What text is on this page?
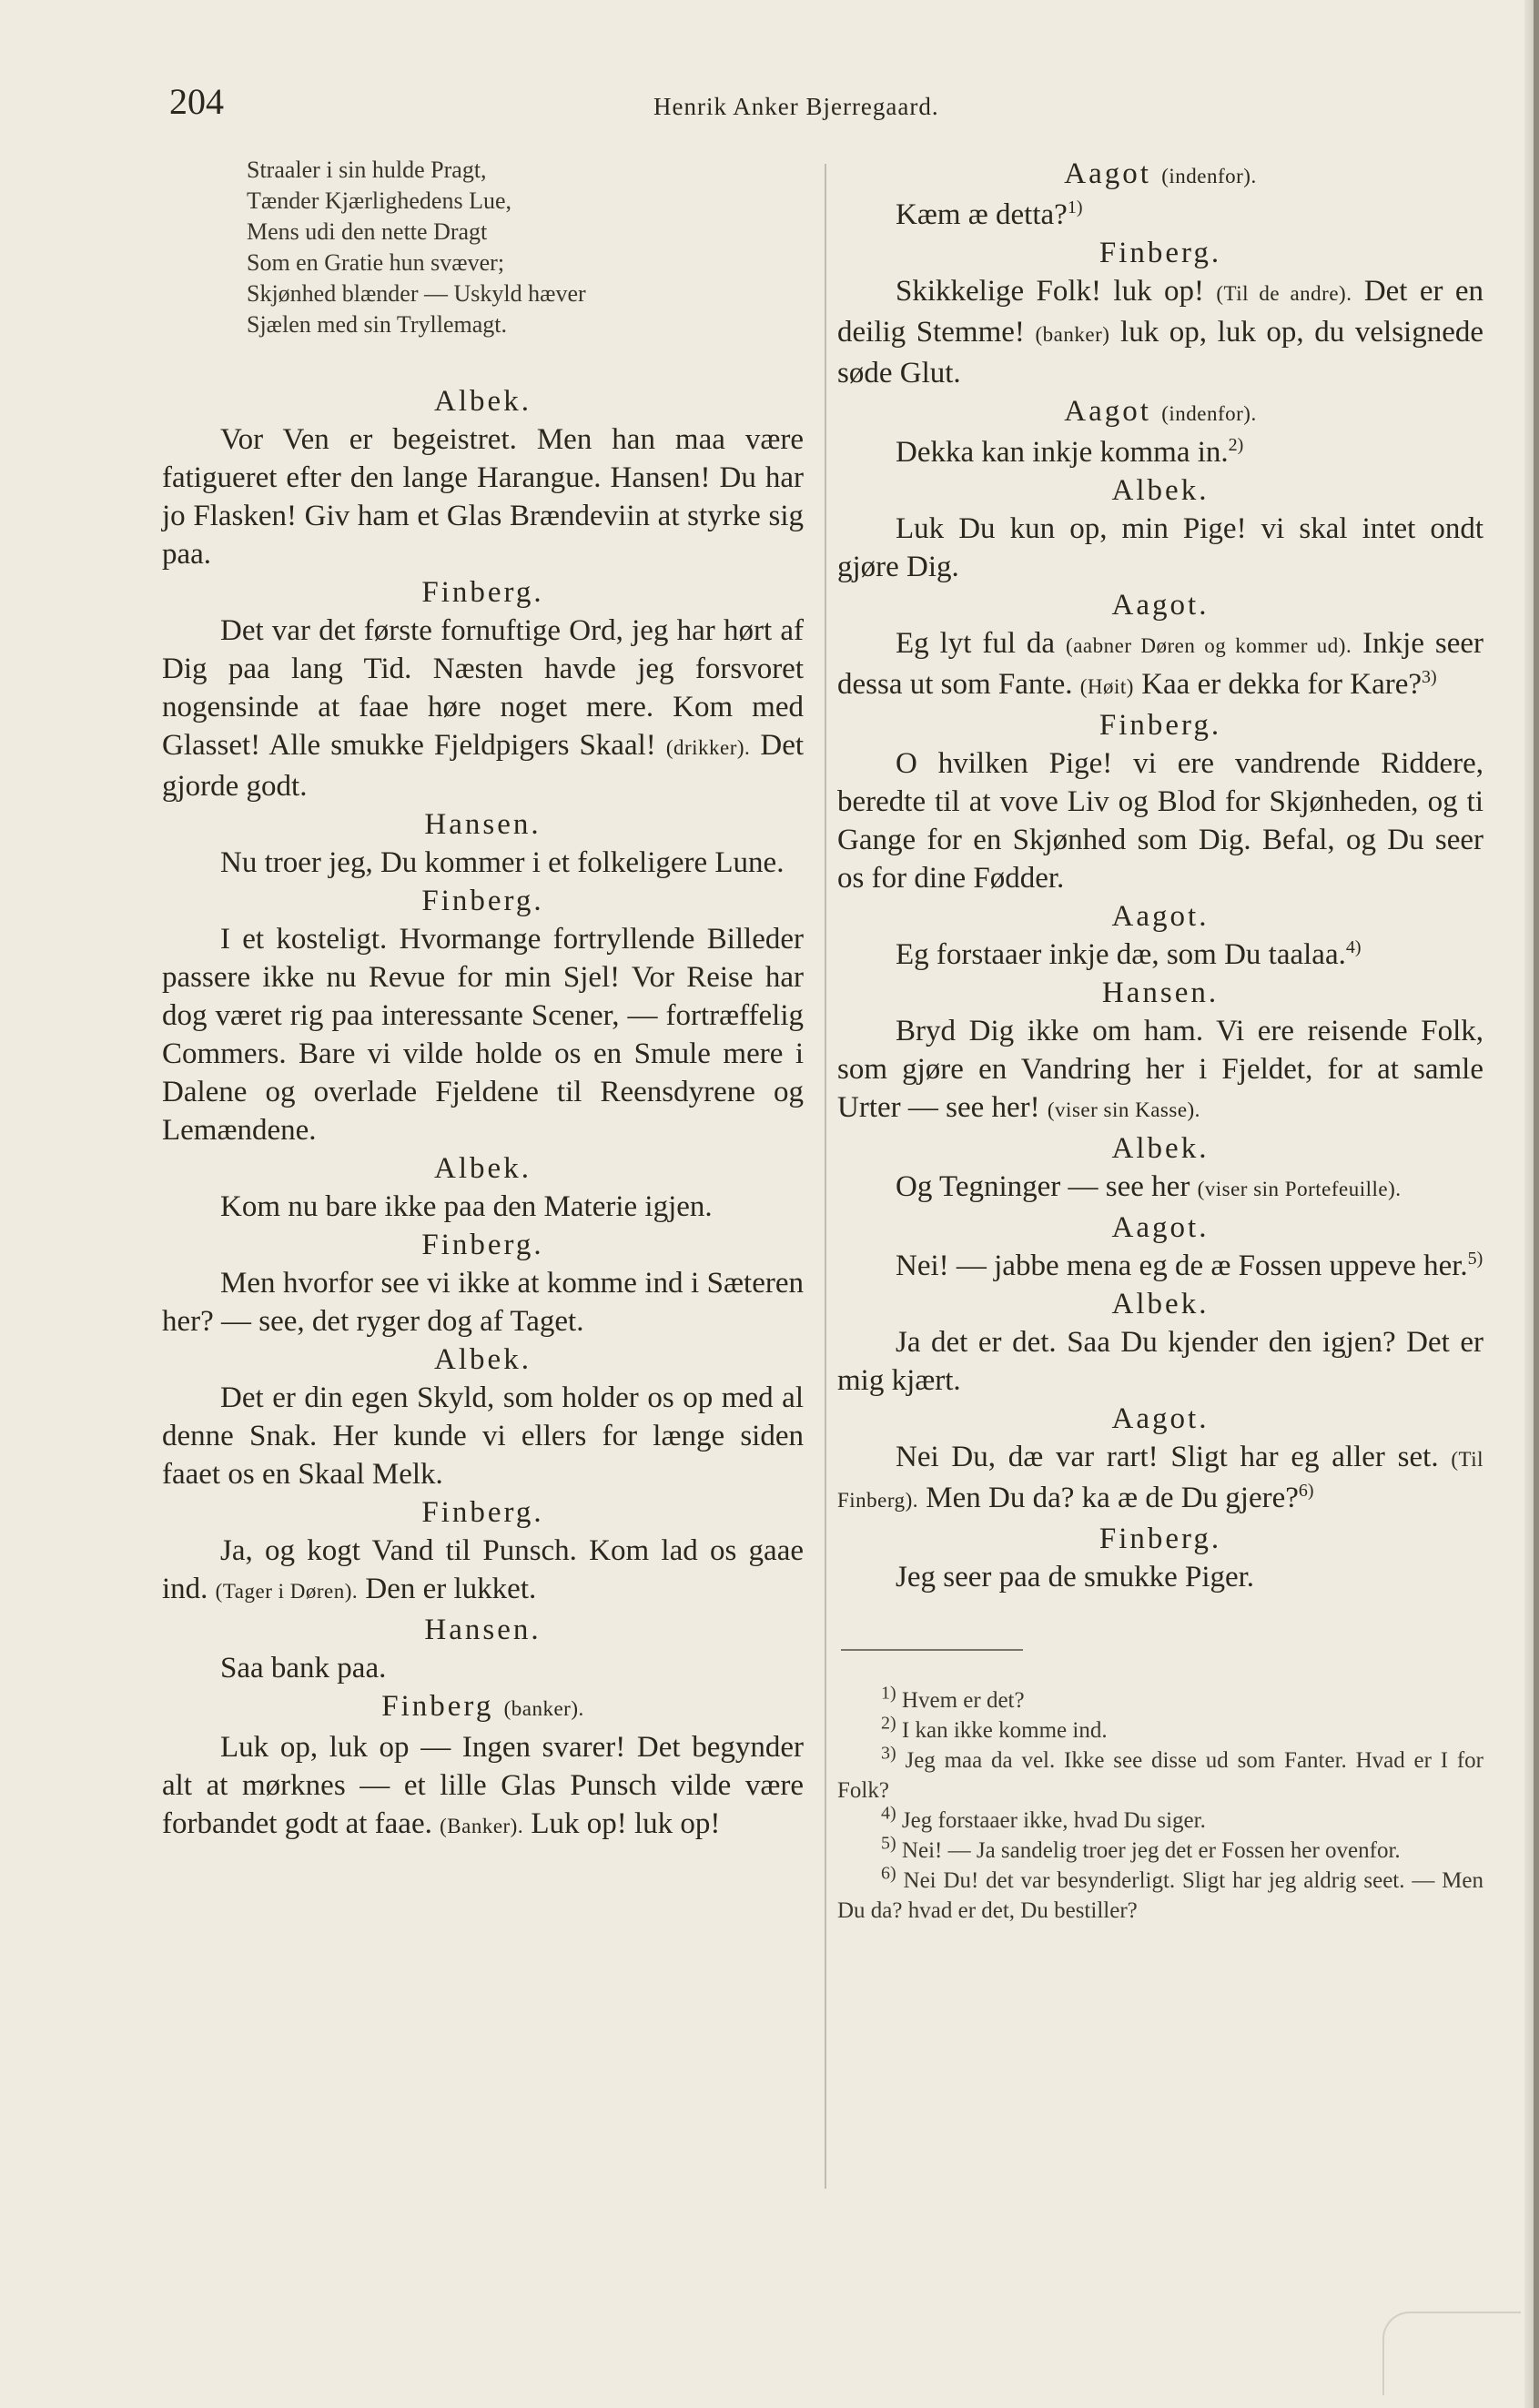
204	Henrik Anker Bjerregaard.
Straaler i sin hulde Pragt,
Tænder Kjærlighedens Lue,
Mens udi den nette Dragt
Som en Gratie hun svæver;
Skjønhed blænder — Uskyld hæver
Sjælen med sin Tryllemagt.
Albek.

Vor Ven er begeistret. Men han maa være fatigueret efter den lange Harangue. Hansen! Du har jo Flasken! Giv ham et Glas Brændeviin at styrke sig paa.

Finberg.

Det var det første fornuftige Ord, jeg har hørt af Dig paa lang Tid. Næsten havde jeg forsvoret nogensinde at faae høre noget mere. Kom med Glasset! Alle smukke Fjeldpigers Skaal! (drikker). Det gjorde godt.

Hansen.

Nu troer jeg, Du kommer i et folkeligere Lune.

Finberg.

I et kosteligt. Hvormange fortryllende Billeder passere ikke nu Revue for min Sjel! Vor Reise har dog været rig paa interessante Scener, — fortræffelig Commers. Bare vi vilde holde os en Smule mere i Dalene og overlade Fjeldene til Reensdyrene og Lemændene.

Albek.

Kom nu bare ikke paa den Materie igjen.

Finberg.

Men hvorfor see vi ikke at komme ind i Sæteren her? — see, det ryger dog af Taget.

Albek.

Det er din egen Skyld, som holder os op med al denne Snak. Her kunde vi ellers for længe siden faaet os en Skaal Melk.

Finberg.

Ja, og kogt Vand til Punsch. Kom lad os gaae ind. (Tager i Døren). Den er lukket.

Hansen.

Saa bank paa.

Finberg (banker).

Luk op, luk op — Ingen svarer! Det begynder alt at mørknes — et lille Glas Punsch vilde være forbandet godt at faae. (Banker). Luk op! luk op!

Aagot (indenfor).

Kæm æ detta?$^{1)}$

Finberg.

Skikkelige Folk! luk op! (Til de andre). Det er en deilig Stemme! (banker) luk op, luk op, du velsignede søde Glut.

Aagot (indenfor).

Dekka kan inkje komma in.$^{2)}$

Albek.

Luk Du kun op, min Pige! vi skal intet ondt gjøre Dig.

Aagot.

Eg lyt ful da (aabner Døren og kommer ud). Inkje seer dessa ut som Fante. (Høit) Kaa er dekka for Kare?$^{3)}$

Finberg.

O hvilken Pige! vi ere vandrende Riddere, beredte til at vove Liv og Blod for Skjønheden, og ti Gange for en Skjønhed som Dig. Befal, og Du seer os for dine Fødder.

Aagot.

Eg forstaaer inkje dæ, som Du taalaa.$^{4)}$

Hansen.

Bryd Dig ikke om ham. Vi ere reisende Folk, som gjøre en Vandring her i Fjeldet, for at samle Urter — see her! (viser sin Kasse).

Albek.

Og Tegninger — see her (viser sin Portefeuille).

Aagot.

Nei! — jabbe mena eg de æ Fossen uppeve her.$^{5)}$

Albek.

Ja det er det. Saa Du kjender den igjen? Det er mig kjært.

Aagot.

Nei Du, dæ var rart! Sligt har eg aller set. (Til Finberg). Men Du da? ka æ de Du gjere?$^{6)}$

Finberg.

Jeg seer paa de smukke Piger.

$^{1)}$ Hvem er det?

$^{2)}$ I kan ikke komme ind.

$^{3)}$ Jeg maa da vel. Ikke see disse ud som Fanter. Hvad er I for Folk?

$^{4)}$ Jeg forstaaer ikke, hvad Du siger.

$^{5)}$ Nei! — Ja sandelig troer jeg det er Fossen her ovenfor.

$^{6)}$ Nei Du! det var besynderligt. Sligt har jeg aldrig seet. — Men Du da? hvad er det, Du bestiller?
